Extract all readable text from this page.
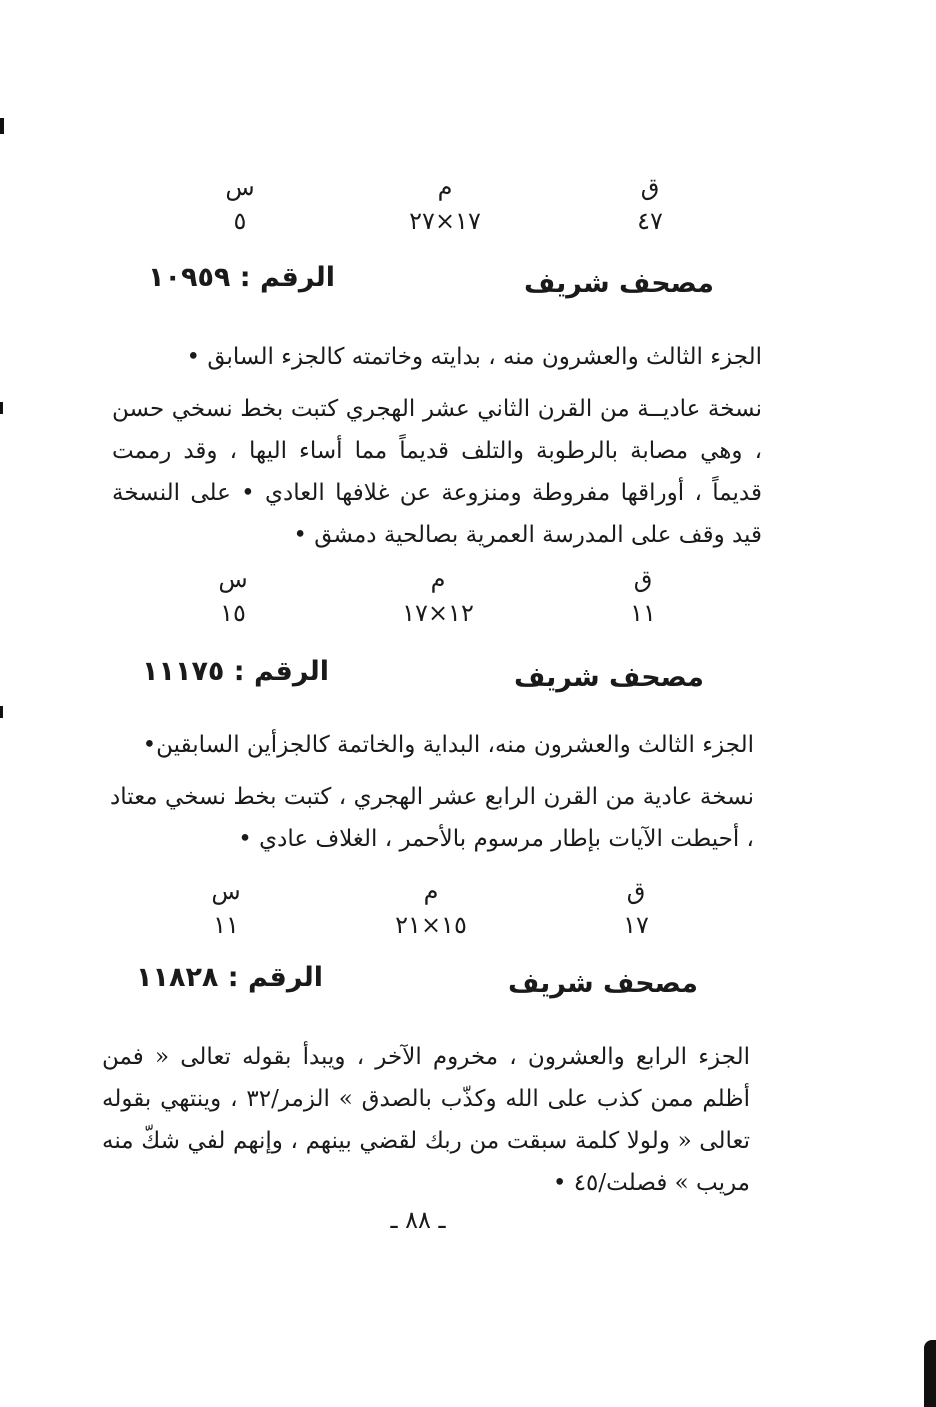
س	م	ق
٥	١٧×٢٧	٤٧
مصحف شريف
الرقم : ١٠٩٥٩

الجزء الثالث والعشرون منه ، بدايته وخاتمته كالجزء السابق •

نسخة عاديــة من القرن الثاني عشر الهجري كتبت بخط نسخي حسن ، وهي مصابة بالرطوبة والتلف قديماً مما أساء اليها ، وقد رممت قديماً ، أوراقها مفروطة ومنزوعة عن غلافها العادي • على النسخة قيد وقف على المدرسة العمرية بصالحية دمشق •

س	م	ق
١٥	١٢×١٧	١١
مصحف شريف
الرقم : ١١١٧٥

الجزء الثالث والعشرون منه، البداية والخاتمة كالجزأين السابقين•

نسخة عادية من القرن الرابع عشر الهجري ، كتبت بخط نسخي معتاد ، أحيطت الآيات بإطار مرسوم بالأحمر ، الغلاف عادي •

س	م	ق
١١	١٥×٢١	١٧
مصحف شريف
الرقم : ١١٨٢٨

الجزء الرابع والعشرون ، مخروم الآخر ، ويبدأ بقوله تعالى « فمن أظلم ممن كذب على الله وكذّب بالصدق » الزمر/٣٢ ، وينتهي بقوله تعالى « ولولا كلمة سبقت من ربك لقضي بينهم ، وإنهم لفي شكّ منه مريب » فصلت/٤٥ •

ـ ٨٨ ـ
